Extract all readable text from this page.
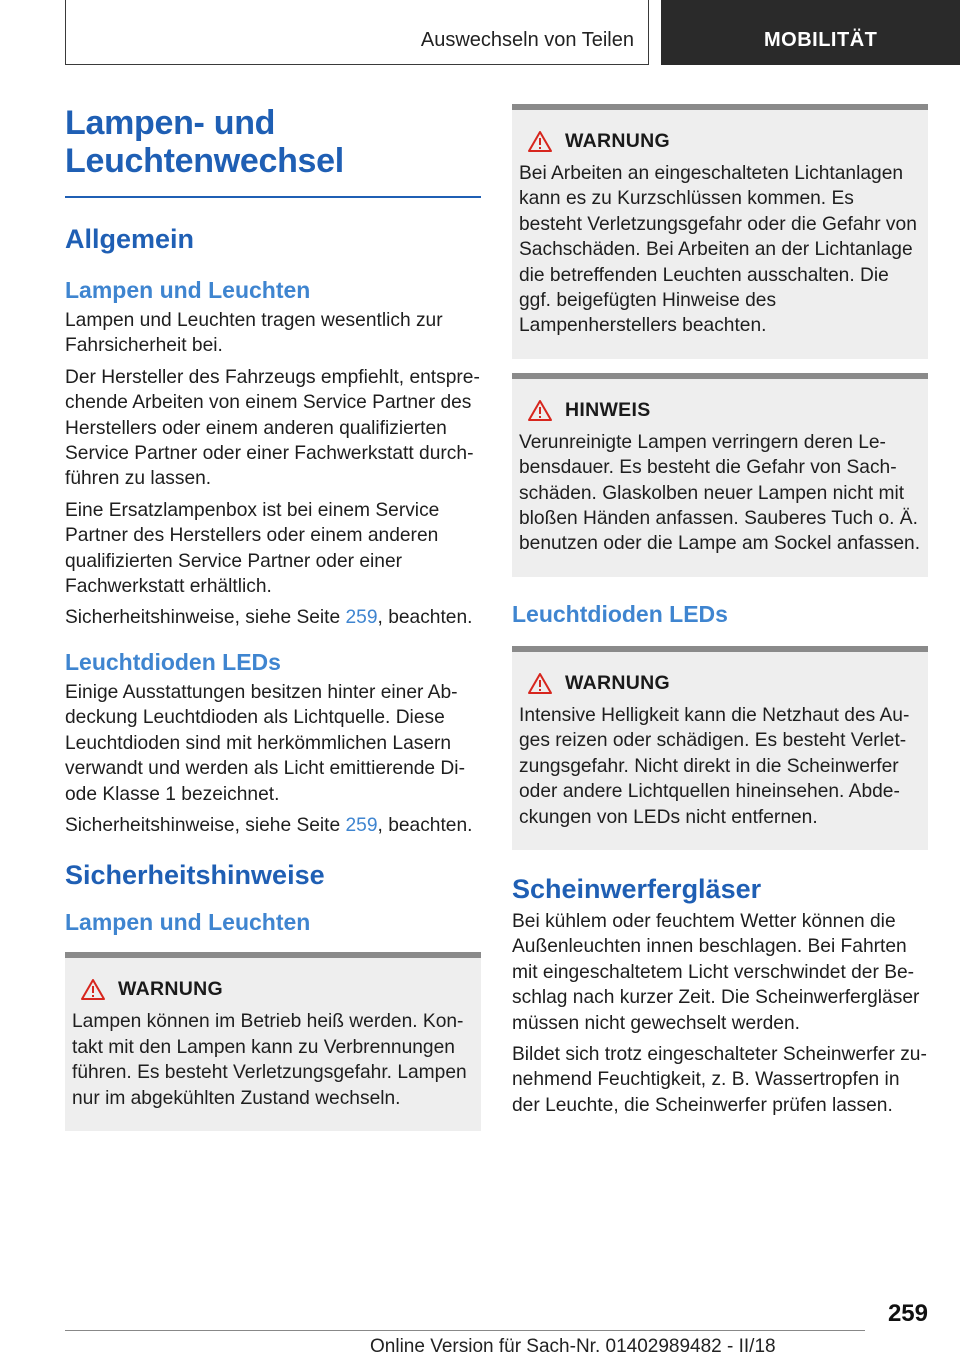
Auswechseln von Teilen	MOBILITÄT
Lampen- und
Leuchtenwechsel
Allgemein
Lampen und Leuchten

Lampen und Leuchten tragen wesentlich zur Fahrsicherheit bei.

Der Hersteller des Fahrzeugs empfiehlt, entsprechende Arbeiten von einem Service Partner des Herstellers oder einem anderen qualifizierten Service Partner oder einer Fachwerkstatt durchführen zu lassen.

Eine Ersatzlampenbox ist bei einem Service Partner des Herstellers oder einem anderen qualifizierten Service Partner oder einer Fachwerkstatt erhältlich.

Sicherheitshinweise, siehe Seite 259, beachten.

Leuchtdioden LEDs

Einige Ausstattungen besitzen hinter einer Abdeckung Leuchtdioden als Lichtquelle. Diese Leuchtdioden sind mit herkömmlichen Lasern verwandt und werden als Licht emittierende Diode Klasse 1 bezeichnet.

Sicherheitshinweise, siehe Seite 259, beachten.

Sicherheitshinweise
Lampen und Leuchten
WARNUNG

Lampen können im Betrieb heiß werden. Kontakt mit den Lampen kann zu Verbrennungen führen. Es besteht Verletzungsgefahr. Lampen nur im abgekühlten Zustand wechseln.

WARNUNG

Bei Arbeiten an eingeschalteten Lichtanlagen kann es zu Kurzschlüssen kommen. Es besteht Verletzungsgefahr oder die Gefahr von Sachschäden. Bei Arbeiten an der Lichtanlage die betreffenden Leuchten ausschalten. Die ggf. beigefügten Hinweise des Lampenherstellers beachten.

HINWEIS

Verunreinigte Lampen verringern deren Lebensdauer. Es besteht die Gefahr von Sachschäden. Glaskolben neuer Lampen nicht mit bloßen Händen anfassen. Sauberes Tuch o. Ä. benutzen oder die Lampe am Sockel anfassen.

Leuchtdioden LEDs
WARNUNG

Intensive Helligkeit kann die Netzhaut des Auges reizen oder schädigen. Es besteht Verletzungsgefahr. Nicht direkt in die Scheinwerfer oder andere Lichtquellen hineinsehen. Abdeckungen von LEDs nicht entfernen.

Scheinwerfergläser

Bei kühlem oder feuchtem Wetter können die Außenleuchten innen beschlagen. Bei Fahrten mit eingeschaltetem Licht verschwindet der Beschlag nach kurzer Zeit. Die Scheinwerfergläser müssen nicht gewechselt werden.

Bildet sich trotz eingeschalteter Scheinwerfer zunehmend Feuchtigkeit, z. B. Wassertropfen in der Leuchte, die Scheinwerfer prüfen lassen.

259
Online Version für Sach-Nr. 01402989482 - II/18
